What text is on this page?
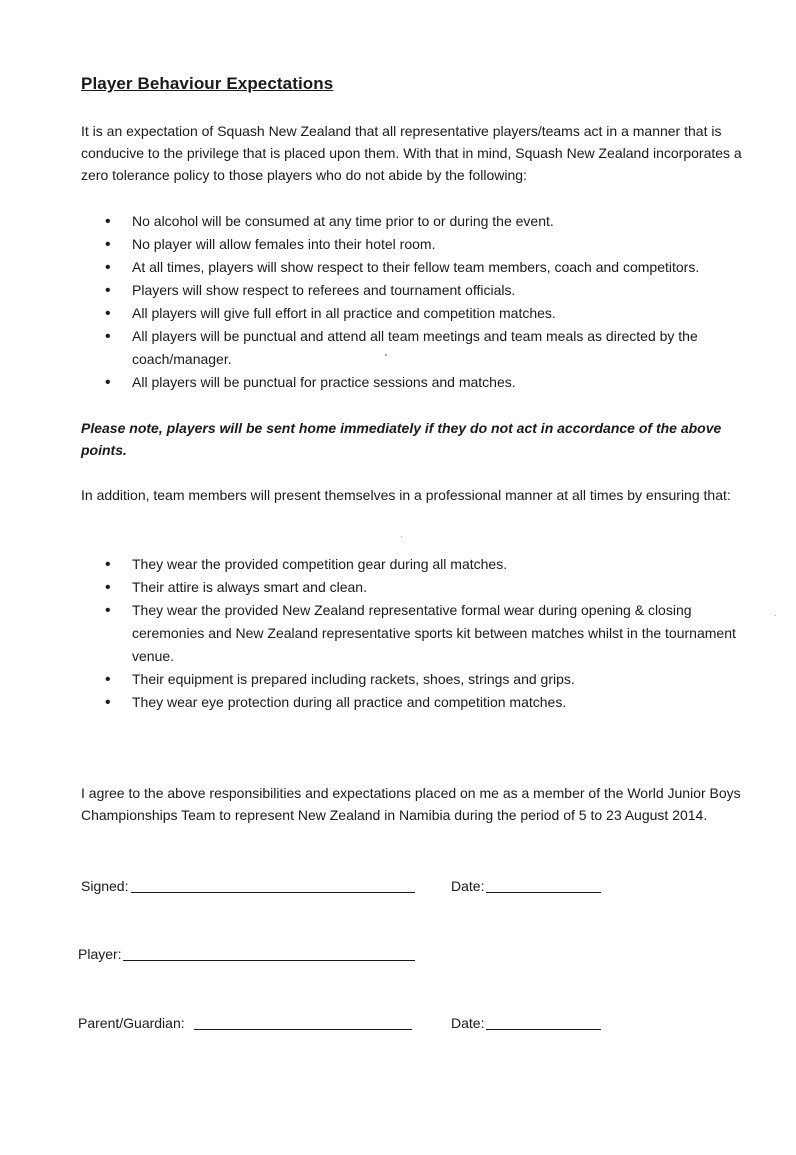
Player Behaviour Expectations

It is an expectation of Squash New Zealand that all representative players/teams act in a manner that is conducive to the privilege that is placed upon them. With that in mind, Squash New Zealand incorporates a zero tolerance policy to those players who do not abide by the following:

• No alcohol will be consumed at any time prior to or during the event.
• No player will allow females into their hotel room.
• At all times, players will show respect to their fellow team members, coach and competitors.
• Players will show respect to referees and tournament officials.
• All players will give full effort in all practice and competition matches.
• All players will be punctual and attend all team meetings and team meals as directed by the coach/manager.
• All players will be punctual for practice sessions and matches.

Please note, players will be sent home immediately if they do not act in accordance of the above points.

In addition, team members will present themselves in a professional manner at all times by ensuring that:

• They wear the provided competition gear during all matches.
• Their attire is always smart and clean.
• They wear the provided New Zealand representative formal wear during opening & closing ceremonies and New Zealand representative sports kit between matches whilst in the tournament venue.
• Their equipment is prepared including rackets, shoes, strings and grips.
• They wear eye protection during all practice and competition matches.

I agree to the above responsibilities and expectations placed on me as a member of the World Junior Boys Championships Team to represent New Zealand in Namibia during the period of 5 to 23 August 2014.

Signed:	Date:
Player:
Parent/Guardian:	Date:
